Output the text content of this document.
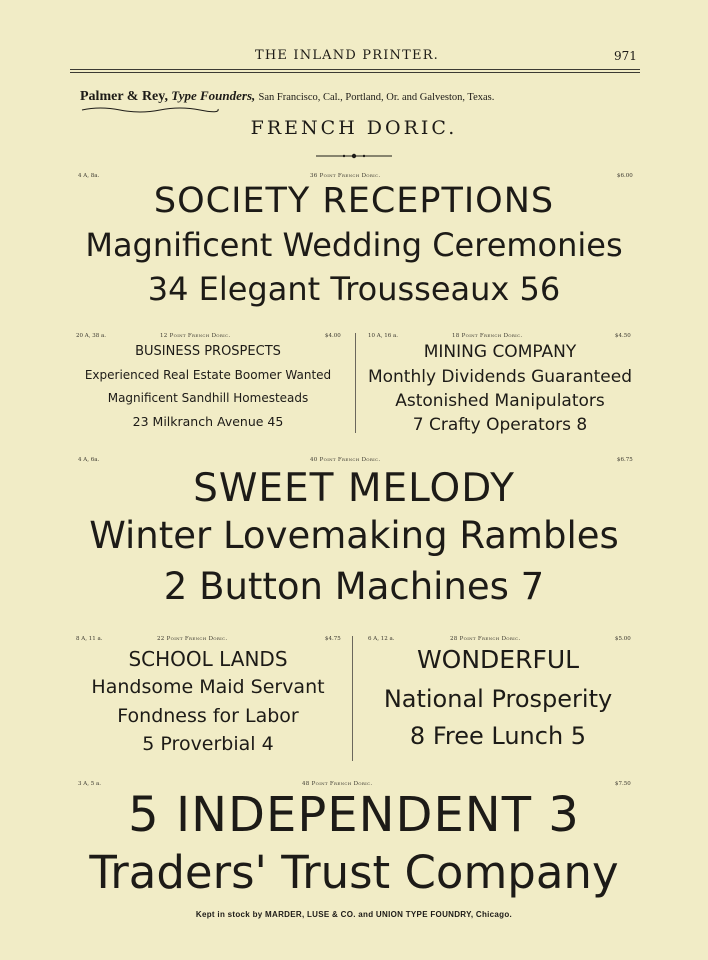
THE INLAND PRINTER.	971
Palmer & Rey, Type Founders, San Francisco, Cal., Portland, Or. and Galveston, Texas.
FRENCH DORIC.
4 A, 8a.	36 Point French Doric.	$6.00
SOCIETY RECEPTIONS
Magnificent Wedding Ceremonies
34 Elegant Trousseaux 56
20 A, 38 a.	12 Point French Doric.	$4.00
BUSINESS PROSPECTS
Experienced Real Estate Boomer Wanted
Magnificent Sandhill Homesteads
23 Milkranch Avenue 45
10 A, 16 a.	18 Point French Doric.	$4.50
MINING COMPANY
Monthly Dividends Guaranteed
Astonished Manipulators
7 Crafty Operators 8
4 A, 6a.	40 Point French Doric.	$6.75
SWEET MELODY
Winter Lovemaking Rambles
2 Button Machines 7
8 A, 11 a.	22 Point French Doric.	$4.75
SCHOOL LANDS
Handsome Maid Servant
Fondness for Labor
5 Proverbial 4
6 A, 12 a.	28 Point French Doric.	$5.00
WONDERFUL
National Prosperity
8 Free Lunch 5
3 A, 5 a.	48 Point French Doric.	$7.50
5 INDEPENDENT 3
Traders' Trust Company
Kept in stock by MARDER, LUSE & CO. and UNION TYPE FOUNDRY, Chicago.
